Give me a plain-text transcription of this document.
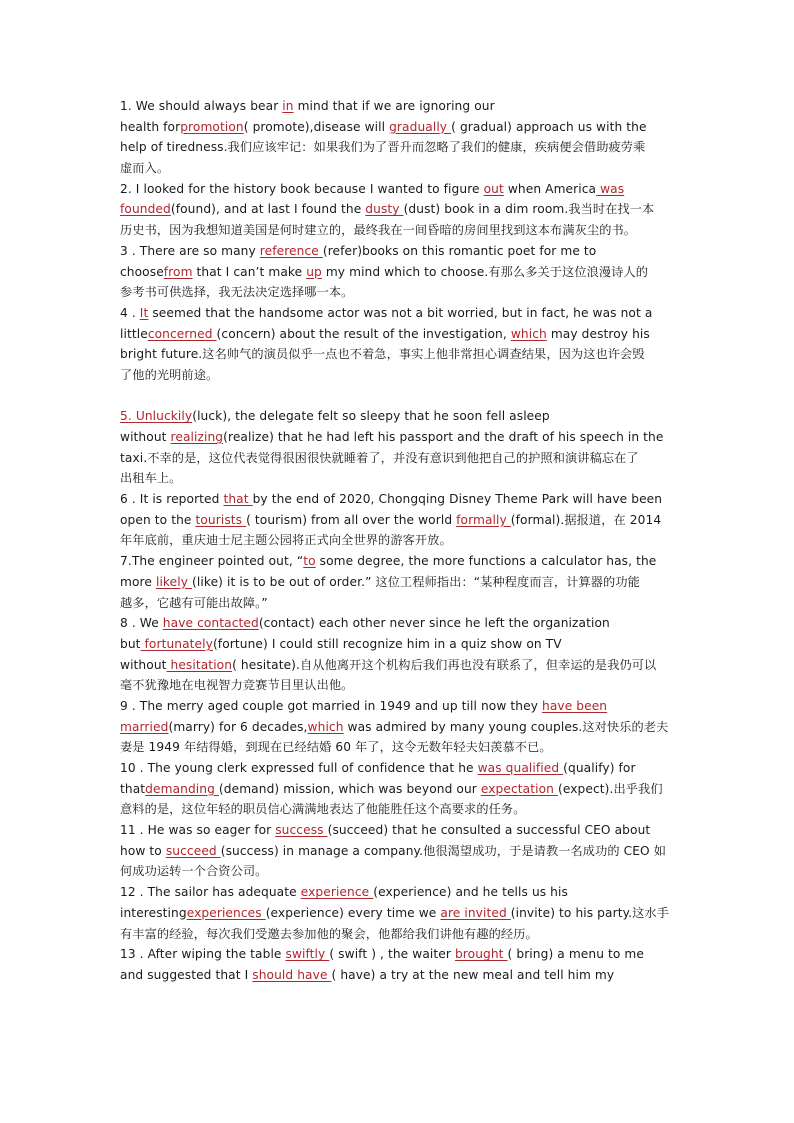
1. We should always bear in mind that if we are ignoring our
health forpromotion( promote),disease will gradually ( gradual) approach us with the
help of tiredness.我们应该牢记：如果我们为了晋升而忽略了我们的健康，疾病便会借助疲劳乘
虚而入。
2. I looked for the history book because I wanted to figure out when America was
founded(found), and at last I found the dusty (dust) book in a dim room.我当时在找一本
历史书，因为我想知道美国是何时建立的，最终我在一间昏暗的房间里找到这本布满灰尘的书。
3 . There are so many reference (refer)books on this romantic poet for me to
choosefrom that I can’t make up my mind which to choose.有那么多关于这位浪漫诗人的
参考书可供选择，我无法决定选择哪一本。
4 . It seemed that the handsome actor was not a bit worried, but in fact, he was not a
littleconcerned (concern) about the result of the investigation, which may destroy his
bright future.这名帅气的演员似乎一点也不着急，事实上他非常担心调查结果，因为这也许会毁
了他的光明前途。
5. Unluckily(luck), the delegate felt so sleepy that he soon fell asleep
without realizing(realize) that he had left his passport and the draft of his speech in the
taxi.不幸的是，这位代表觉得很困很快就睡着了，并没有意识到他把自己的护照和演讲稿忘在了
出租车上。
6 . It is reported that by the end of 2020, Chongqing Disney Theme Park will have been
open to the tourists ( tourism) from all over the world formally (formal).据报道，在 2014
年年底前，重庆迪士尼主题公园将正式向全世界的游客开放。
7.The engineer pointed out, “to some degree, the more functions a calculator has, the
more likely (like) it is to be out of order.” 这位工程师指出：“某种程度而言，计算器的功能
越多，它越有可能出故障。”
8 . We have contacted(contact) each other never since he left the organization
but fortunately(fortune) I could still recognize him in a quiz show on TV
without hesitation( hesitate).自从他离开这个机构后我们再也没有联系了，但幸运的是我仍可以
毫不犹豫地在电视智力竞赛节目里认出他。
9 . The merry aged couple got married in 1949 and up till now they have been
married(marry) for 6 decades,which was admired by many young couples.这对快乐的老夫
妻是 1949 年结得婚，到现在已经结婚 60 年了，这令无数年轻夫妇羡慕不已。
10 . The young clerk expressed full of confidence that he was qualified (qualify) for
thatdemanding (demand) mission, which was beyond our expectation (expect).出乎我们
意料的是，这位年轻的职员信心满满地表达了他能胜任这个高要求的任务。
11 . He was so eager for success (succeed) that he consulted a successful CEO about
how to succeed (success) in manage a company.他很渴望成功，于是请教一名成功的 CEO 如
何成功运转一个合资公司。
12 . The sailor has adequate experience (experience) and he tells us his
interestingexperiences (experience) every time we are invited (invite) to his party.这水手
有丰富的经验，每次我们受邀去参加他的聚会，他都给我们讲他有趣的经历。
13 . After wiping the table swiftly ( swift ) , the waiter brought ( bring) a menu to me
and suggested that I should have ( have) a try at the new meal and tell him my
